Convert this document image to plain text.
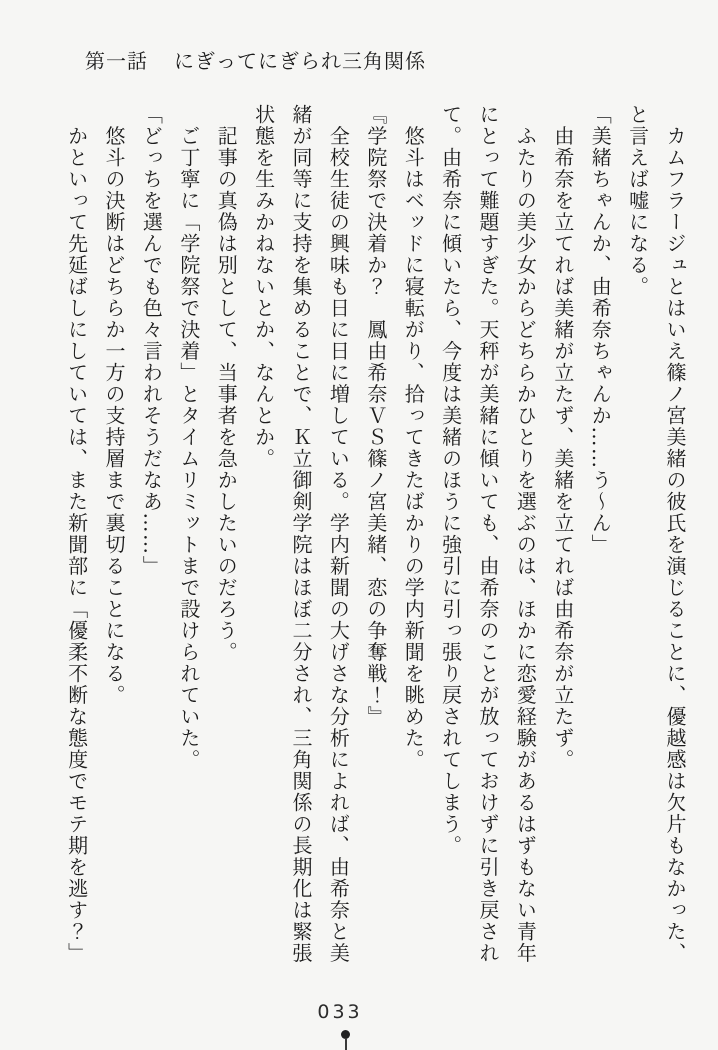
第一話 にぎってにぎられ三角関係
　カムフラージュとはいえ篠ノ宮美緒の彼氏を演じることに、優越感は欠片もなかった、
と言えば嘘になる。
「美緒ちゃんか、由希奈ちゃんか……う～ん」
　由希奈を立てれば美緒が立たず、美緒を立てれば由希奈が立たず。
　ふたりの美少女からどちらかひとりを選ぶのは、ほかに恋愛経験があるはずもない青年
にとって難題すぎた。天秤が美緒に傾いても、由希奈のことが放っておけずに引き戻され
て。由希奈に傾いたら、今度は美緒のほうに強引に引っ張り戻されてしまう。
　悠斗はベッドに寝転がり、拾ってきたばかりの学内新聞を眺めた。
『学院祭で決着か？　鳳由希奈ＶＳ篠ノ宮美緒、恋の争奪戦！』
　全校生徒の興味も日に日に増している。学内新聞の大げさな分析によれば、由希奈と美
緒が同等に支持を集めることで、Ｋ立御剣学院はほぼ二分され、三角関係の長期化は緊張
状態を生みかねないとか、なんとか。
　記事の真偽は別として、当事者を急かしたいのだろう。
　ご丁寧に「学院祭で決着」とタイムリミットまで設けられていた。
「どっちを選んでも色々言われそうだなあ……」
　悠斗の決断はどちらか一方の支持層まで裏切ることになる。
　かといって先延ばしにしていては、また新聞部に「優柔不断な態度でモテ期を逃す？」
033
